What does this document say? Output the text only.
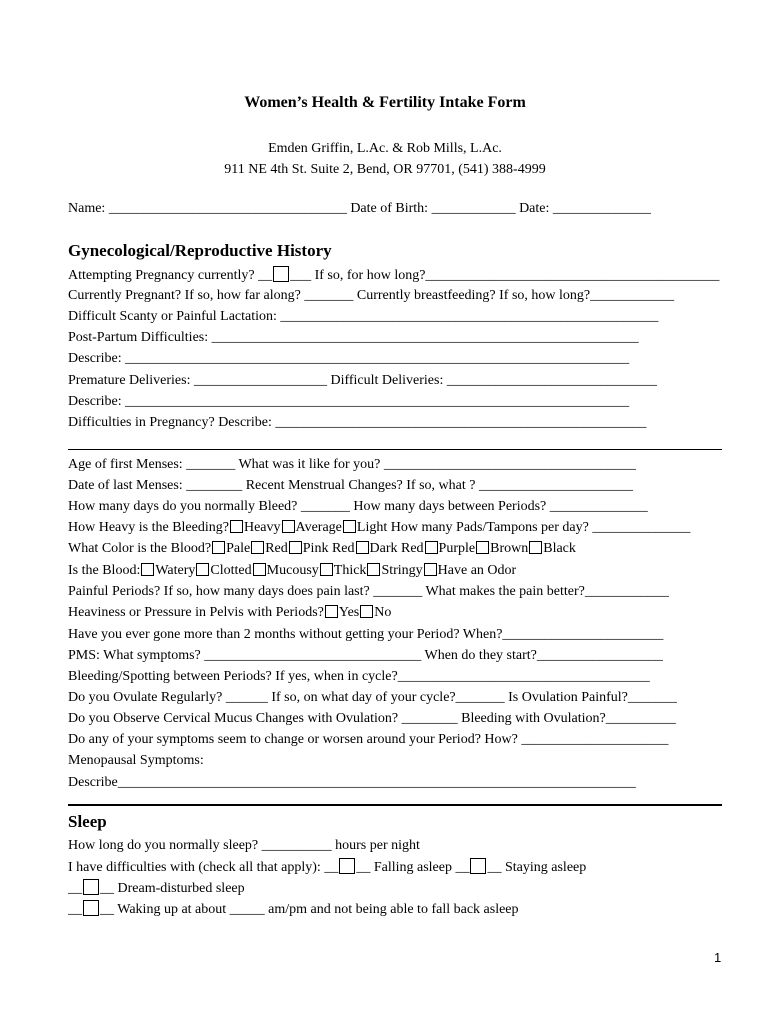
Women’s Health & Fertility Intake Form
Emden Griffin, L.Ac. & Rob Mills, L.Ac.
911 NE 4th St. Suite 2, Bend, OR 97701, (541) 388-4999
Name: __________________________________ Date of Birth: ____________ Date: ______________
Gynecological/Reproductive History
Attempting Pregnancy currently? __ ___ If so, for how long?__________________________________________
Currently Pregnant? If so, how far along? _______ Currently breastfeeding? If so, how long?____________
Difficult Scanty or Painful Lactation: ______________________________________________________
Post-Partum Difficulties: _____________________________________________________________
Describe: ________________________________________________________________________
Premature Deliveries: ___________________ Difficult Deliveries: ______________________________
Describe: ________________________________________________________________________
Difficulties in Pregnancy? Describe: _____________________________________________________
Age of first Menses: _______ What was it like for you? ____________________________________
Date of last Menses: ________ Recent Menstrual Changes? If so, what ? ______________________
How many days do you normally Bleed? _______ How many days between Periods? ______________
How Heavy is the Bleeding? Heavy Average Light How many Pads/Tampons per day? ______________
What Color is the Blood? Pale Red Pink Red Dark Red Purple Brown Black
Is the Blood: Watery Clotted Mucousy Thick Stringy Have an Odor
Painful Periods? If so, how many days does pain last? _______ What makes the pain better?____________
Heaviness or Pressure in Pelvis with Periods? Yes No
Have you ever gone more than 2 months without getting your Period? When?_______________________
PMS: What symptoms? _______________________________ When do they start?__________________
Bleeding/Spotting between Periods? If yes, when in cycle?____________________________________
Do you Ovulate Regularly? ______ If so, on what day of your cycle?_______ Is Ovulation Painful?_______
Do you Observe Cervical Mucus Changes with Ovulation? ________ Bleeding with Ovulation?__________
Do any of your symptoms seem to change or worsen around your Period? How? _____________________
Menopausal Symptoms:
Describe__________________________________________________________________________
Sleep
How long do you normally sleep? __________ hours per night
I have difficulties with (check all that apply): __ __ Falling asleep __ __ Staying asleep
__ __ Dream-disturbed sleep
__ __ Waking up at about _____ am/pm and not being able to fall back asleep
1
